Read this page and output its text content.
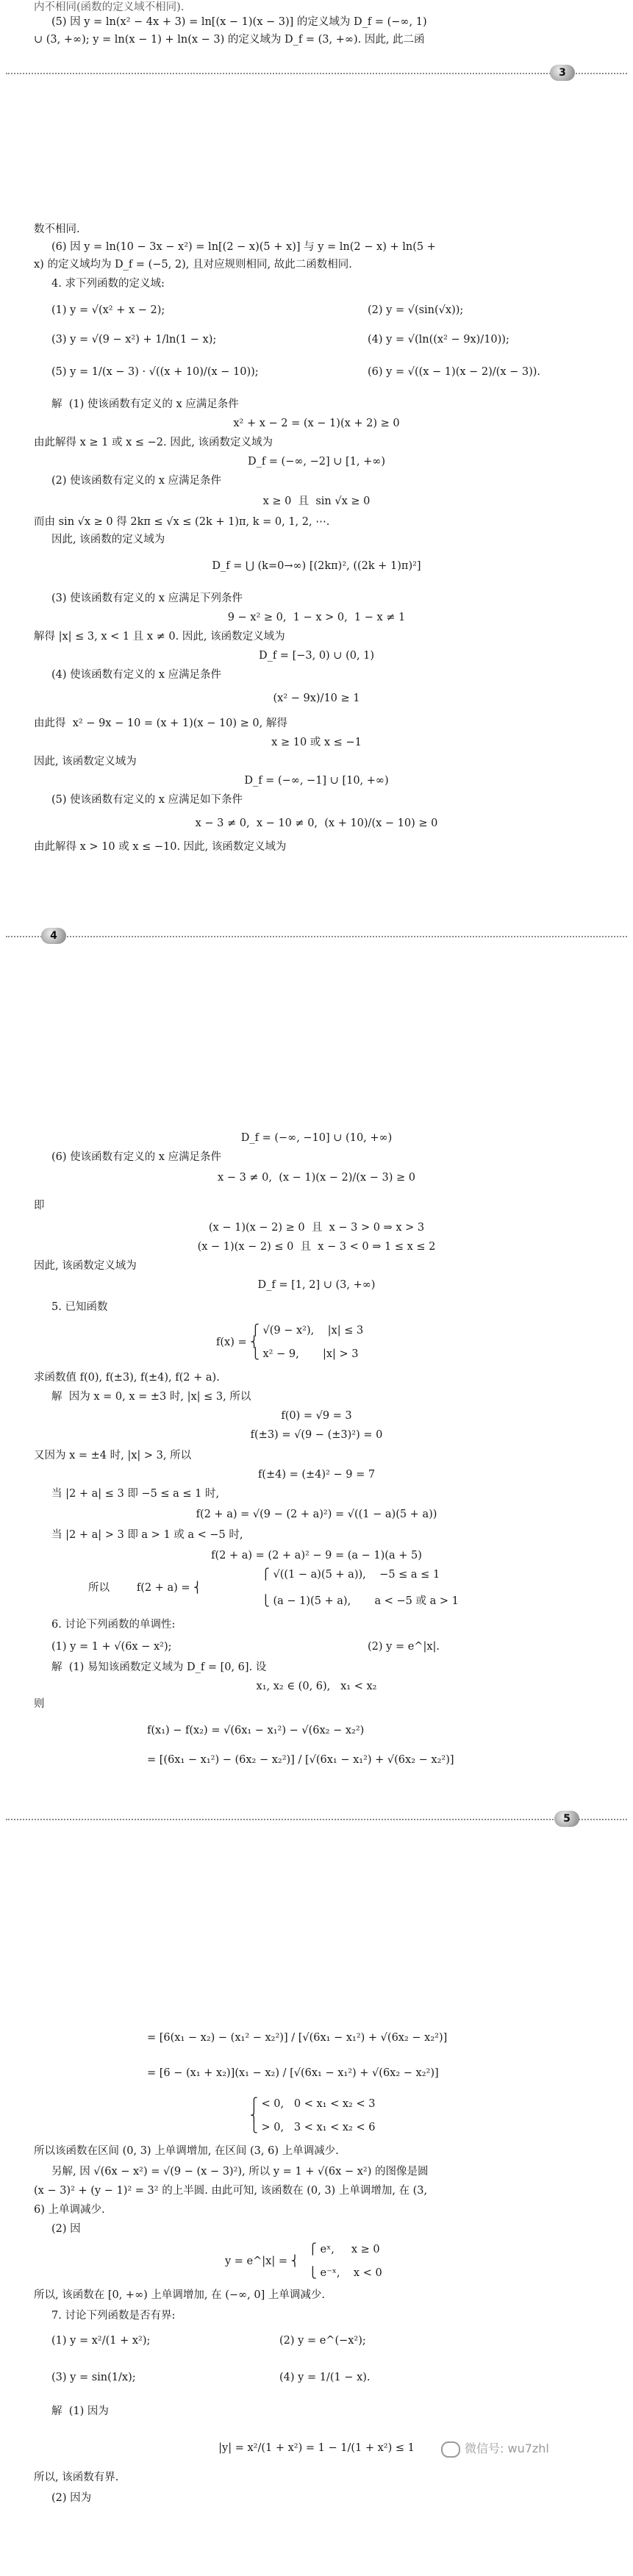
内不相同(函数的定义域不相同).
(5) 因 y = ln(x² − 4x + 3) = ln[(x − 1)(x − 3)] 的定义域为 D_f = (−∞, 1)
∪ (3, +∞); y = ln(x − 1) + ln(x − 3) 的定义域为 D_f = (3, +∞). 因此, 此二函
3
数不相同.
(6) 因 y = ln(10 − 3x − x²) = ln[(2 − x)(5 + x)] 与 y = ln(2 − x) + ln(5 +
x) 的定义域均为 D_f = (−5, 2), 且对应规则相同, 故此二函数相同.
4. 求下列函数的定义域:
(1) y = √(x² + x − 2);	(2) y = √(sin(√x));
(3) y = √(9 − x²) + 1/ln(1 − x);	(4) y = √(ln((x² − 9x)/10));
(5) y = 1/(x − 3) · √((x + 10)/(x − 10));	(6) y = √((x − 1)(x − 2)/(x − 3)).
解  (1) 使该函数有定义的 x 应满足条件
x² + x − 2 = (x − 1)(x + 2) ≥ 0
由此解得 x ≥ 1 或 x ≤ −2. 因此, 该函数定义域为
D_f = (−∞, −2] ∪ [1, +∞)
(2) 使该函数有定义的 x 应满足条件
x ≥ 0  且  sin √x ≥ 0
而由 sin √x ≥ 0 得 2kπ ≤ √x ≤ (2k + 1)π, k = 0, 1, 2, ⋯.
因此, 该函数的定义域为
D_f = ⋃ (k=0→∞) [(2kπ)², ((2k + 1)π)²]
(3) 使该函数有定义的 x 应满足下列条件
9 − x² ≥ 0,  1 − x > 0,  1 − x ≠ 1
解得 |x| ≤ 3, x < 1 且 x ≠ 0. 因此, 该函数定义域为
D_f = [−3, 0) ∪ (0, 1)
(4) 使该函数有定义的 x 应满足条件
(x² − 9x)/10 ≥ 1
由此得  x² − 9x − 10 = (x + 1)(x − 10) ≥ 0, 解得
x ≥ 10 或 x ≤ −1
因此, 该函数定义域为
D_f = (−∞, −1] ∪ [10, +∞)
(5) 使该函数有定义的 x 应满足如下条件
x − 3 ≠ 0,  x − 10 ≠ 0,  (x + 10)/(x − 10) ≥ 0
由此解得 x > 10 或 x ≤ −10. 因此, 该函数定义域为
4
D_f = (−∞, −10] ∪ (10, +∞)
(6) 使该函数有定义的 x 应满足条件
x − 3 ≠ 0,  (x − 1)(x − 2)/(x − 3) ≥ 0
即
(x − 1)(x − 2) ≥ 0  且  x − 3 > 0 ⇒ x > 3
(x − 1)(x − 2) ≤ 0  且  x − 3 < 0 ⇒ 1 ≤ x ≤ 2
因此, 该函数定义域为
D_f = [1, 2] ∪ (3, +∞)
5. 已知函数
⎧ √(9 − x²),    |x| ≤ 3
f(x) = ⎨
⎩ x² − 9,       |x| > 3
求函数值 f(0), f(±3), f(±4), f(2 + a).
解  因为 x = 0, x = ±3 时, |x| ≤ 3, 所以
f(0) = √9 = 3
f(±3) = √(9 − (±3)²) = 0
又因为 x = ±4 时, |x| > 3, 所以
f(±4) = (±4)² − 9 = 7
当 |2 + a| ≤ 3 即 −5 ≤ a ≤ 1 时,
f(2 + a) = √(9 − (2 + a)²) = √((1 − a)(5 + a))
当 |2 + a| > 3 即 a > 1 或 a < −5 时,
f(2 + a) = (2 + a)² − 9 = (a − 1)(a + 5)
⎧ √((1 − a)(5 + a)),    −5 ≤ a ≤ 1
所以        f(2 + a) = ⎨
⎩ (a − 1)(5 + a),       a < −5 或 a > 1
6. 讨论下列函数的单调性:
(1) y = 1 + √(6x − x²);	(2) y = e^|x|.
解  (1) 易知该函数定义域为 D_f = [0, 6]. 设
x₁, x₂ ∈ (0, 6),   x₁ < x₂
则
f(x₁) − f(x₂) = √(6x₁ − x₁²) − √(6x₂ − x₂²)
= [(6x₁ − x₁²) − (6x₂ − x₂²)] / [√(6x₁ − x₁²) + √(6x₂ − x₂²)]
5
= [6(x₁ − x₂) − (x₁² − x₂²)] / [√(6x₁ − x₁²) + √(6x₂ − x₂²)]
= [6 − (x₁ + x₂)](x₁ − x₂) / [√(6x₁ − x₁²) + √(6x₂ − x₂²)]
⎧ < 0,   0 < x₁ < x₂ < 3
⎨
⎩ > 0,   3 < x₁ < x₂ < 6
所以该函数在区间 (0, 3) 上单调增加, 在区间 (3, 6) 上单调减少.
另解, 因 √(6x − x²) = √(9 − (x − 3)²), 所以 y = 1 + √(6x − x²) 的图像是圆
(x − 3)² + (y − 1)² = 3² 的上半圆. 由此可知, 该函数在 (0, 3) 上单调增加, 在 (3,
6) 上单调减少.
(2) 因
⎧ eˣ,     x ≥ 0
y = e^|x| = ⎨
⎩ e⁻ˣ,    x < 0
所以, 该函数在 [0, +∞) 上单调增加, 在 (−∞, 0] 上单调减少.
7. 讨论下列函数是否有界:
(1) y = x²/(1 + x²);	(2) y = e^(−x²);
(3) y = sin(1/x);	(4) y = 1/(1 − x).
解  (1) 因为
|y| = x²/(1 + x²) = 1 − 1/(1 + x²) ≤ 1
所以, 该函数有界.
(2) 因为
微信号: wu7zhl
